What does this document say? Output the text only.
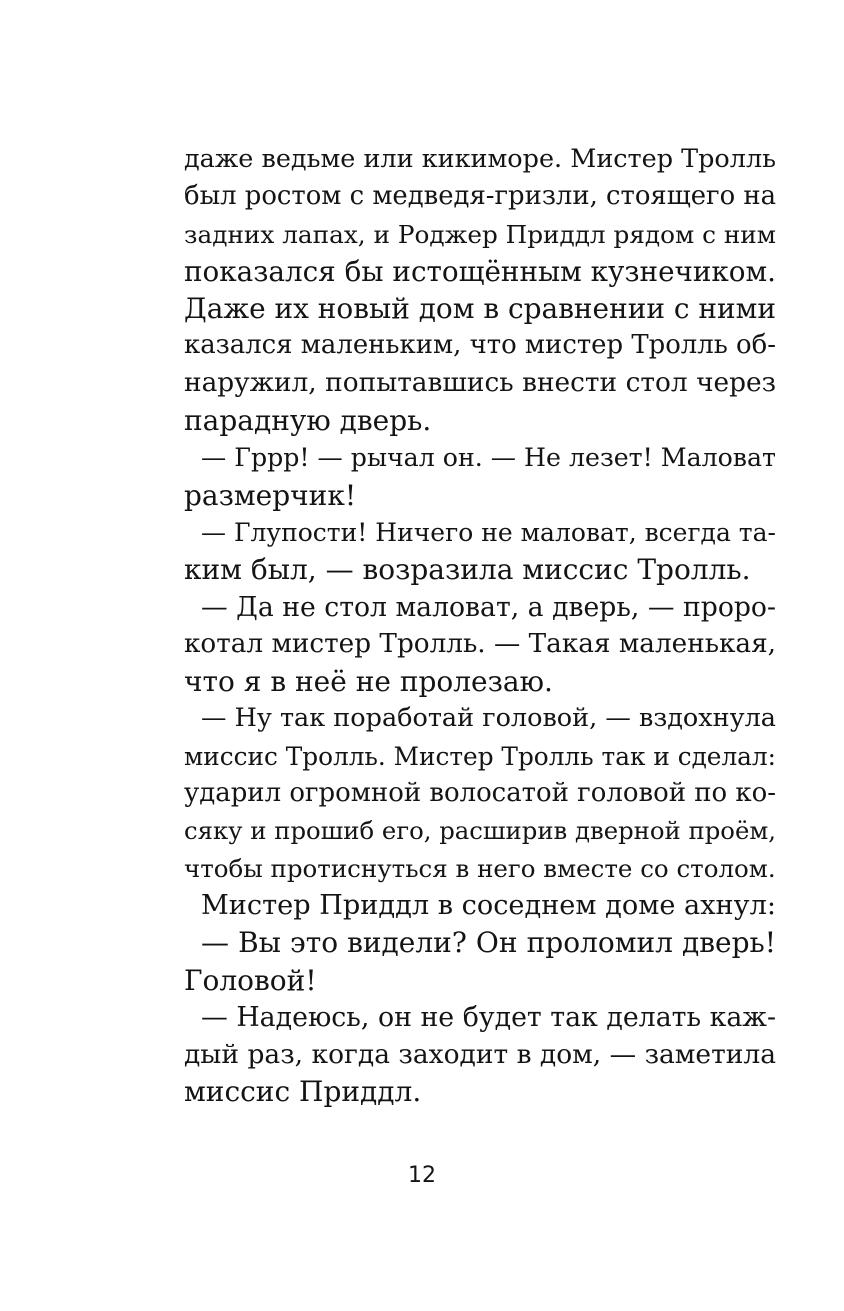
даже ведьме или кикиморе. Мистер Тролль
был ростом с медведя-гризли, стоящего на
задних лапах, и Роджер Приддл рядом с ним
показался бы истощённым кузнечиком.
Даже их новый дом в сравнении с ними
казался маленьким, что мистер Тролль об-
наружил, попытавшись внести стол через
парадную дверь.
— Гррр! — рычал он. — Не лезет! Маловат
размерчик!
— Глупости! Ничего не маловат, всегда та-
ким был, — возразила миссис Тролль.
— Да не стол маловат, а дверь, — проро-
котал мистер Тролль. — Такая маленькая,
что я в неё не пролезаю.
— Ну так поработай головой, — вздохнула
миссис Тролль. Мистер Тролль так и сделал:
ударил огромной волосатой головой по ко-
сяку и прошиб его, расширив дверной проём,
чтобы протиснуться в него вместе со столом.
Мистер Приддл в соседнем доме ахнул:
— Вы это видели? Он проломил дверь!
Головой!
— Надеюсь, он не будет так делать каж-
дый раз, когда заходит в дом, — заметила
миссис Приддл.
12
